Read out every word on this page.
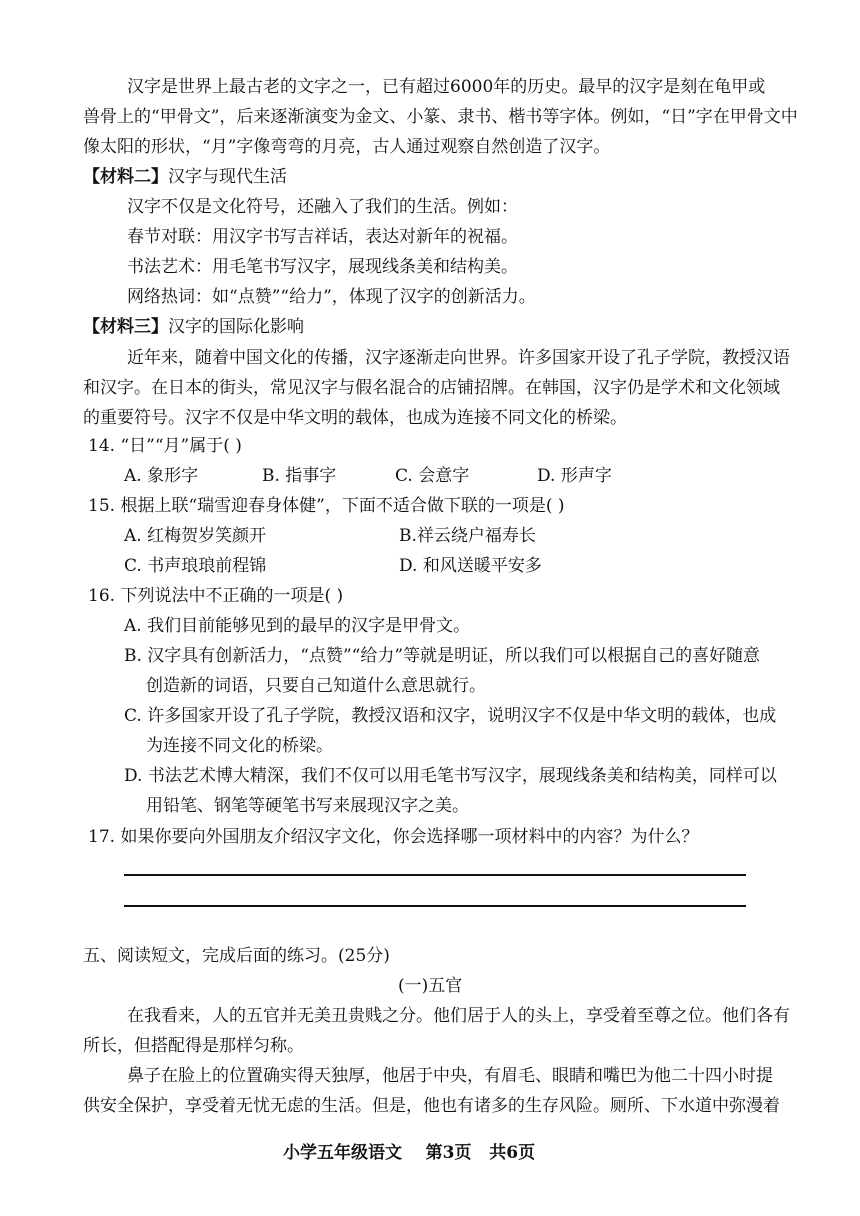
汉字是世界上最古老的文字之一，已有超过6000年的历史。最早的汉字是刻在龟甲或
兽骨上的“甲骨文”，后来逐渐演变为金文、小篆、隶书、楷书等字体。例如，“日”字在甲骨文中
像太阳的形状，“月”字像弯弯的月亮，古人通过观察自然创造了汉字。
【材料二】汉字与现代生活
汉字不仅是文化符号，还融入了我们的生活。例如：
春节对联：用汉字书写吉祥话，表达对新年的祝福。
书法艺术：用毛笔书写汉字，展现线条美和结构美。
网络热词：如“点赞”“给力”，体现了汉字的创新活力。
【材料三】汉字的国际化影响
近年来，随着中国文化的传播，汉字逐渐走向世界。许多国家开设了孔子学院，教授汉语
和汉字。在日本的街头，常见汉字与假名混合的店铺招牌。在韩国，汉字仍是学术和文化领域
的重要符号。汉字不仅是中华文明的载体，也成为连接不同文化的桥梁。
14. “日”“月”属于( )
A. 象形字	B. 指事字	C. 会意字	D. 形声字
15. 根据上联“瑞雪迎春身体健”，下面不适合做下联的一项是( )
A. 红梅贺岁笑颜开	B.祥云绕户福寿长
C. 书声琅琅前程锦	D. 和风送暖平安多
16. 下列说法中不正确的一项是( )
A. 我们目前能够见到的最早的汉字是甲骨文。
B. 汉字具有创新活力，“点赞”“给力”等就是明证，所以我们可以根据自己的喜好随意
创造新的词语，只要自己知道什么意思就行。
C. 许多国家开设了孔子学院，教授汉语和汉字，说明汉字不仅是中华文明的载体，也成
为连接不同文化的桥梁。
D. 书法艺术博大精深，我们不仅可以用毛笔书写汉字，展现线条美和结构美，同样可以
用铅笔、钢笔等硬笔书写来展现汉字之美。
17. 如果你要向外国朋友介绍汉字文化，你会选择哪一项材料中的内容？为什么？
五、阅读短文，完成后面的练习。(25分)
(一)五官
在我看来，人的五官并无美丑贵贱之分。他们居于人的头上，享受着至尊之位。他们各有
所长，但搭配得是那样匀称。
鼻子在脸上的位置确实得天独厚，他居于中央，有眉毛、眼睛和嘴巴为他二十四小时提
供安全保护，享受着无忧无虑的生活。但是，他也有诸多的生存风险。厕所、下水道中弥漫着
小学五年级语文    第3页   共6页
